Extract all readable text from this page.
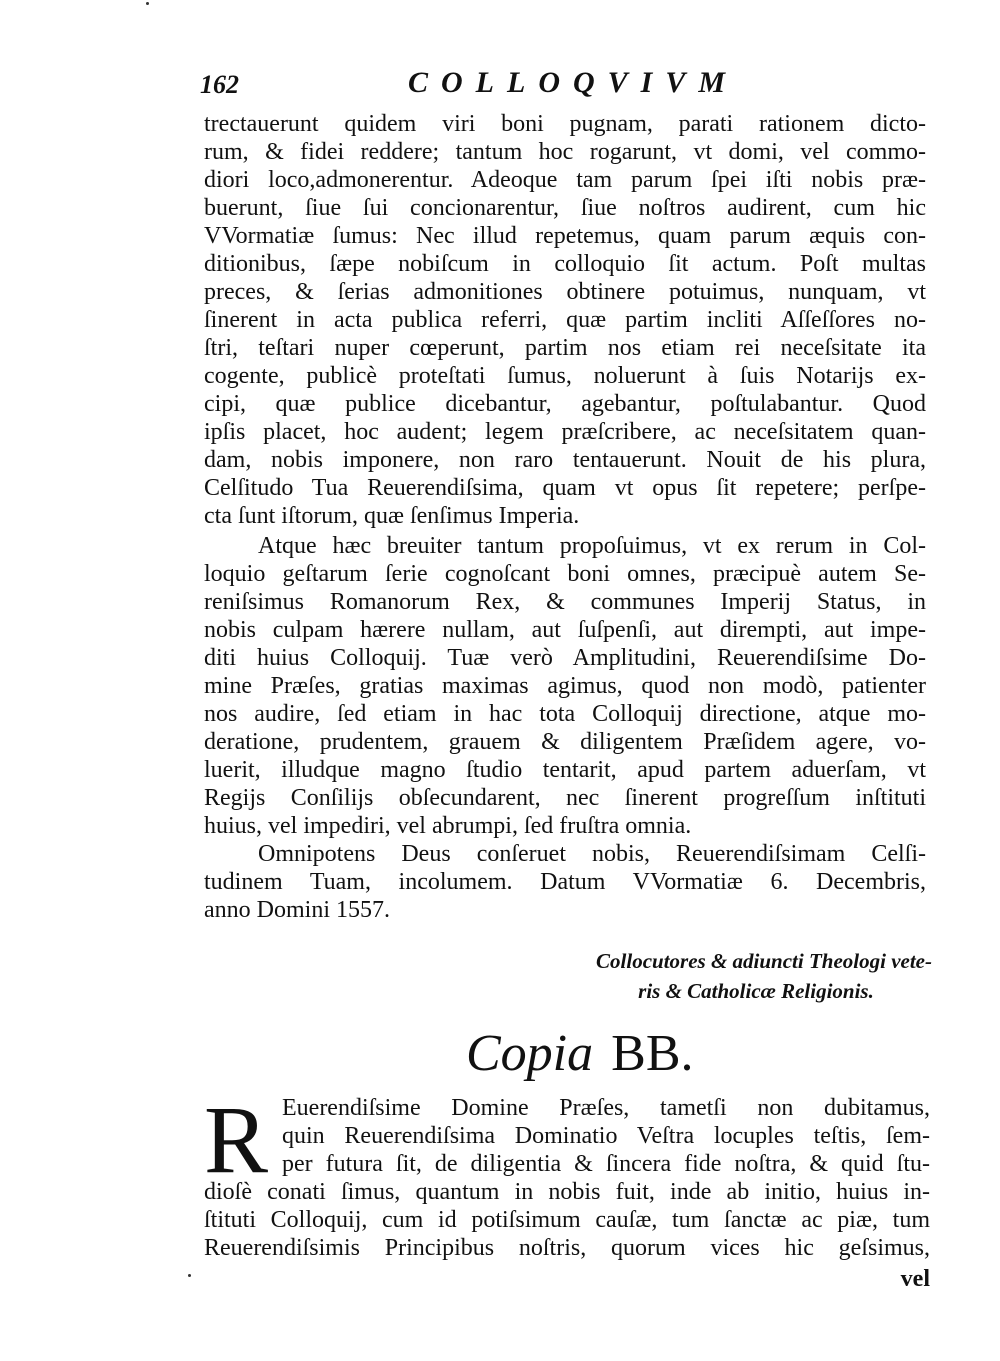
162	COLLOQVIVM
trectauerunt quidem viri boni pugnam, parati rationem dicto-
rum, & fidei reddere; tantum hoc rogarunt, vt domi, vel commo-
diori loco,admonerentur. Adeoque tam parum ſpei iſti nobis præ-
buerunt, ſiue ſui concionarentur, ſiue noſtros audirent, cum hic
VVormatiæ ſumus: Nec illud repetemus, quam parum æquis con-
ditionibus, ſæpe nobiſcum in colloquio ſit actum. Poſt multas
preces, & ſerias admonitiones obtinere potuimus, nunquam, vt
ſinerent in acta publica referri, quæ partim incliti Aſſeſſores no-
ſtri, teſtari nuper cœperunt, partim nos etiam rei neceſsitate ita
cogente, publicè proteſtati ſumus, noluerunt à ſuis Notarijs ex-
cipi, quæ publice dicebantur, agebantur, poſtulabantur. Quod
ipſis placet, hoc audent; legem præſcribere, ac neceſsitatem quan-
dam, nobis imponere, non raro tentauerunt. Nouit de his plura,
Celſitudo Tua Reuerendiſsima, quam vt opus ſit repetere; perſpe-
cta ſunt iſtorum, quæ ſenſimus Imperia.
Atque hæc breuiter tantum propoſuimus, vt ex rerum in Col-
loquio geſtarum ſerie cognoſcant boni omnes, præcipuè autem Se-
reniſsimus Romanorum Rex, & communes Imperij Status, in
nobis culpam hærere nullam, aut ſuſpenſi, aut dirempti, aut impe-
diti huius Colloquij. Tuæ verò Amplitudini, Reuerendiſsime Do-
mine Præſes, gratias maximas agimus, quod non modò, patienter
nos audire, ſed etiam in hac tota Colloquij directione, atque mo-
deratione, prudentem, grauem & diligentem Præſidem agere, vo-
luerit, illudque magno ſtudio tentarit, apud partem aduerſam, vt
Regijs Conſilijs obſecundarent, nec ſinerent progreſſum inſtituti
huius, vel impediri, vel abrumpi, ſed fruſtra omnia.
Omnipotens Deus conſeruet nobis, Reuerendiſsimam Celſi-
tudinem Tuam, incolumem. Datum VVormatiæ 6. Decembris,
anno Domini 1557.
Collocutores & adiuncti Theologi vete-
ris & Catholicæ Religionis.
Copia BB.
R Euerendiſsime Domine Præſes, tametſi non dubitamus,
quin Reuerendiſsima Dominatio Veſtra locuples teſtis, ſem-
per futura ſit, de diligentia & ſincera fide noſtra, & quid ſtu-
dioſè conati ſimus, quantum in nobis fuit, inde ab initio, huius in-
ſtituti Colloquij, cum id potiſsimum cauſæ, tum ſanctæ ac piæ, tum
Reuerendiſsimis Principibus noſtris, quorum vices hic geſsimus,
vel
